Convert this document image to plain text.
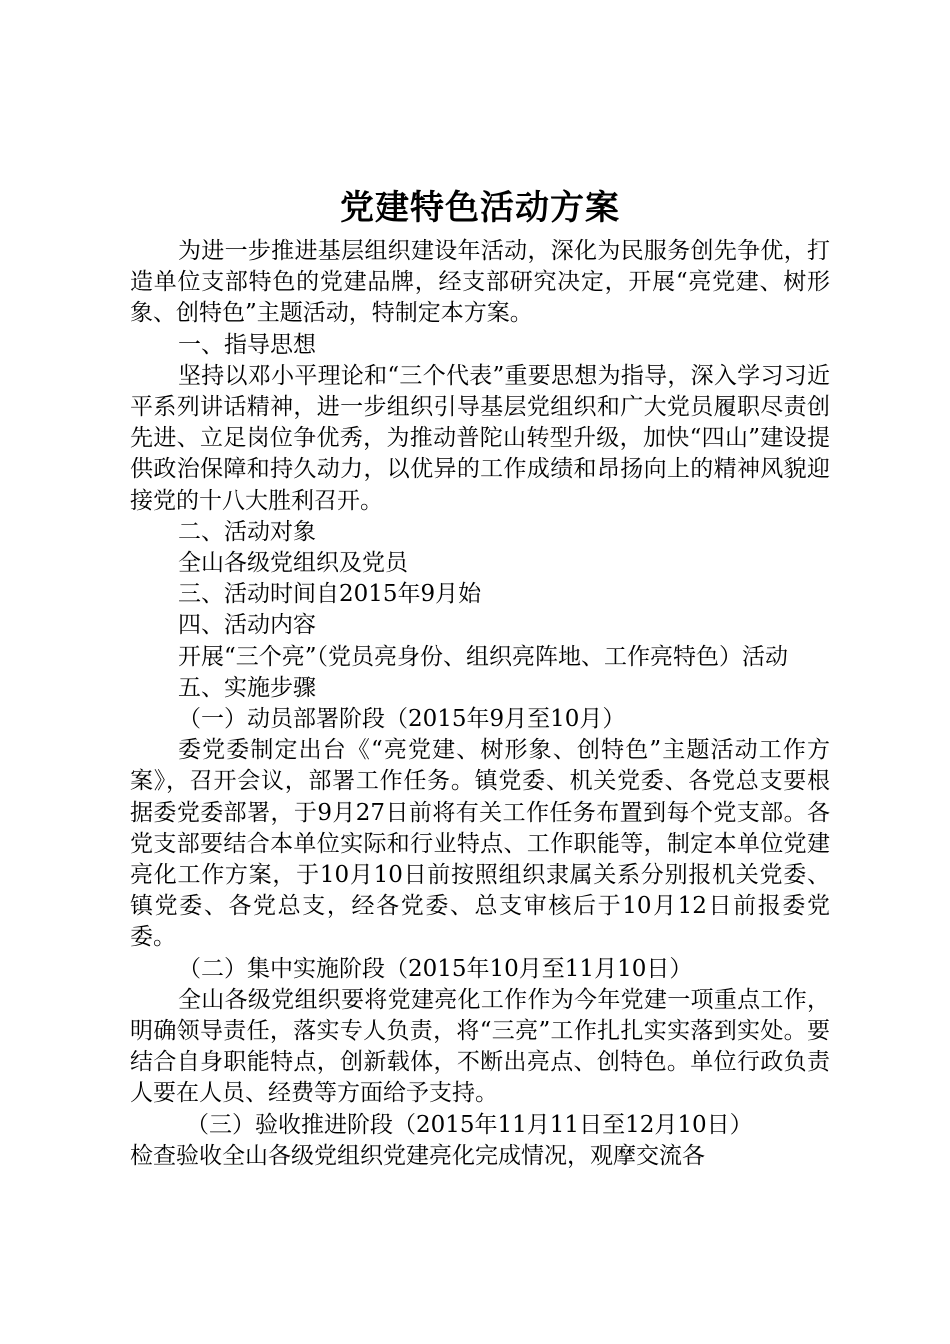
党建特色活动方案

为进一步推进基层组织建设年活动，深化为民服务创先争优，打造单位支部特色的党建品牌，经支部研究决定，开展“亮党建、树形象、创特色”主题活动，特制定本方案。

一、指导思想

坚持以邓小平理论和“三个代表”重要思想为指导，深入学习习近平系列讲话精神，进一步组织引导基层党组织和广大党员履职尽责创先进、立足岗位争优秀，为推动普陀山转型升级，加快“四山”建设提供政治保障和持久动力，以优异的工作成绩和昂扬向上的精神风貌迎接党的十八大胜利召开。

二、活动对象

全山各级党组织及党员

三、活动时间自2015年9月始

四、活动内容

开展“三个亮”（党员亮身份、组织亮阵地、工作亮特色）活动

五、实施步骤

（一）动员部署阶段（2015年9月至10月）

委党委制定出台《“亮党建、树形象、创特色”主题活动工作方案》，召开会议，部署工作任务。镇党委、机关党委、各党总支要根据委党委部署，于9月27日前将有关工作任务布置到每个党支部。各党支部要结合本单位实际和行业特点、工作职能等，制定本单位党建亮化工作方案，于10月10日前按照组织隶属关系分别报机关党委、镇党委、各党总支，经各党委、总支审核后于10月12日前报委党委。

（二）集中实施阶段（2015年10月至11月10日）

全山各级党组织要将党建亮化工作作为今年党建一项重点工作，明确领导责任，落实专人负责，将“三亮”工作扎扎实实落到实处。要结合自身职能特点，创新载体，不断出亮点、创特色。单位行政负责人要在人员、经费等方面给予支持。

（三）验收推进阶段（2015年11月11日至12月10日）

检查验收全山各级党组织党建亮化完成情况，观摩交流各
